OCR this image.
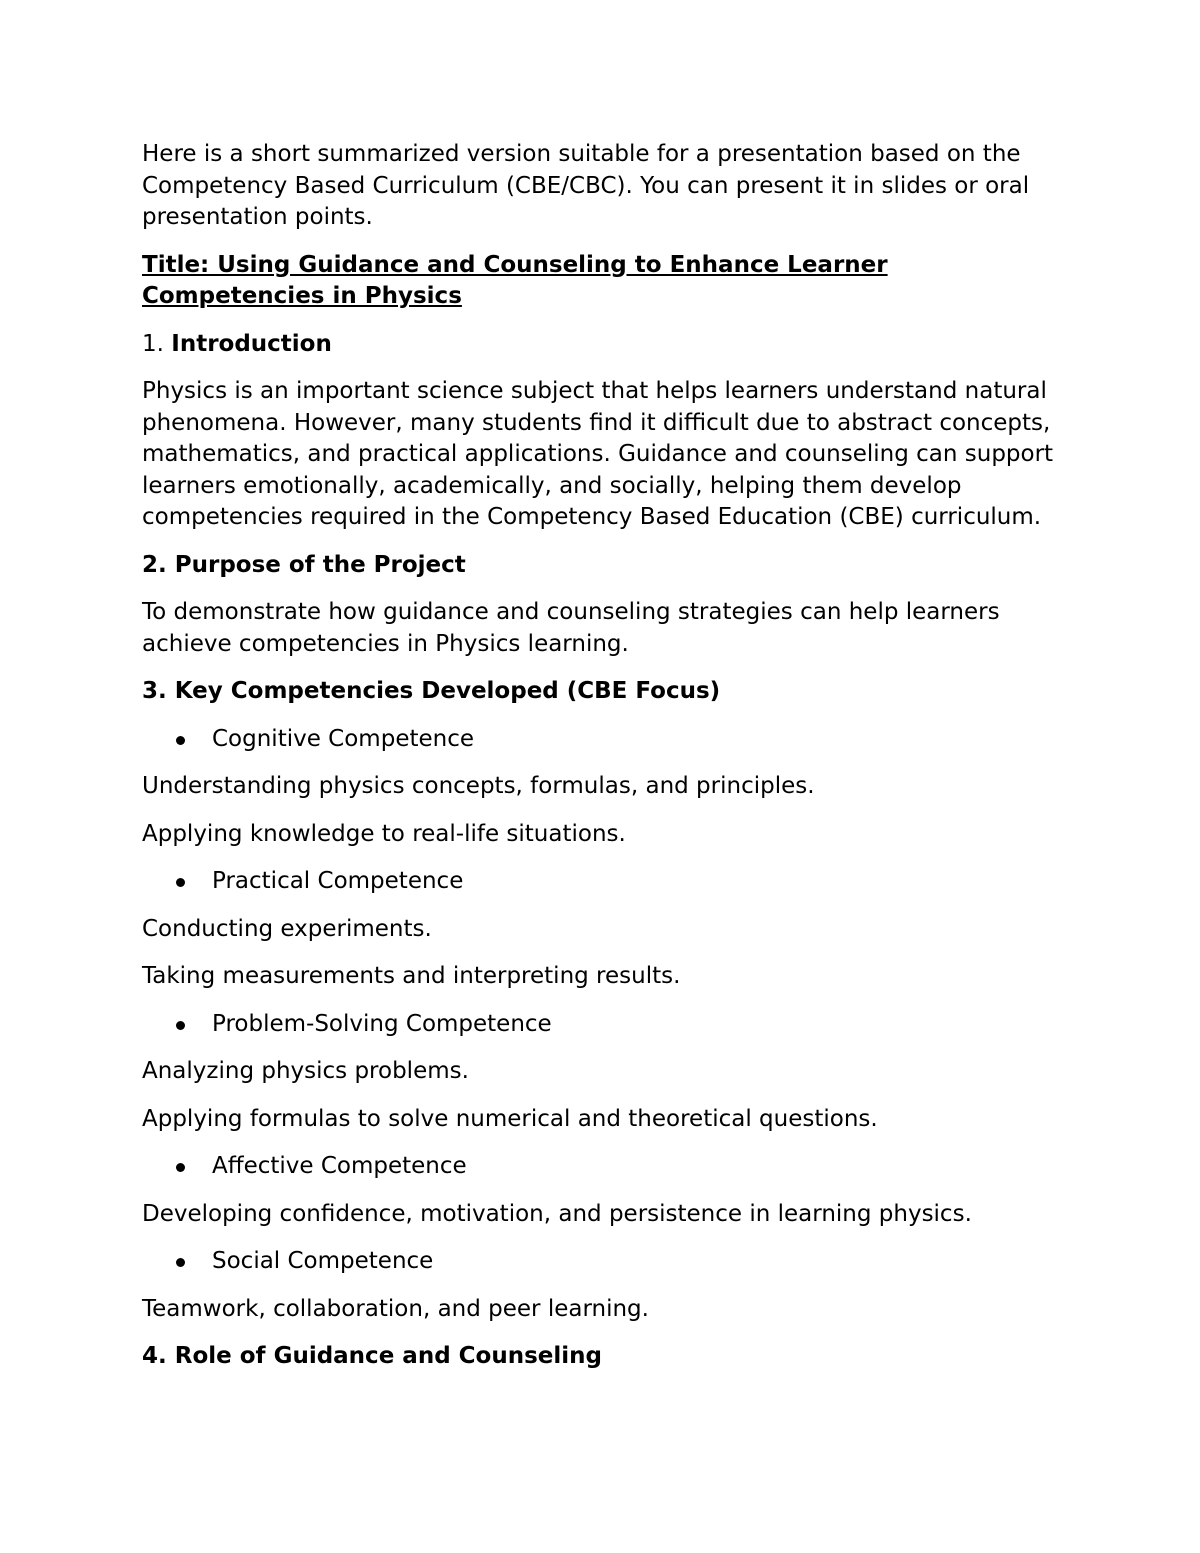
Here is a short summarized version suitable for a presentation based on the Competency Based Curriculum (CBE/CBC). You can present it in slides or oral presentation points.

Title: Using Guidance and Counseling to Enhance Learner Competencies in Physics

1. Introduction

Physics is an important science subject that helps learners understand natural phenomena. However, many students find it difficult due to abstract concepts, mathematics, and practical applications. Guidance and counseling can support learners emotionally, academically, and socially, helping them develop competencies required in the Competency Based Education (CBE) curriculum.

2. Purpose of the Project

To demonstrate how guidance and counseling strategies can help learners achieve competencies in Physics learning.

3. Key Competencies Developed (CBE Focus)

Cognitive Competence

Understanding physics concepts, formulas, and principles.

Applying knowledge to real-life situations.

Practical Competence

Conducting experiments.

Taking measurements and interpreting results.

Problem-Solving Competence

Analyzing physics problems.

Applying formulas to solve numerical and theoretical questions.

Affective Competence

Developing confidence, motivation, and persistence in learning physics.

Social Competence

Teamwork, collaboration, and peer learning.

4. Role of Guidance and Counseling
